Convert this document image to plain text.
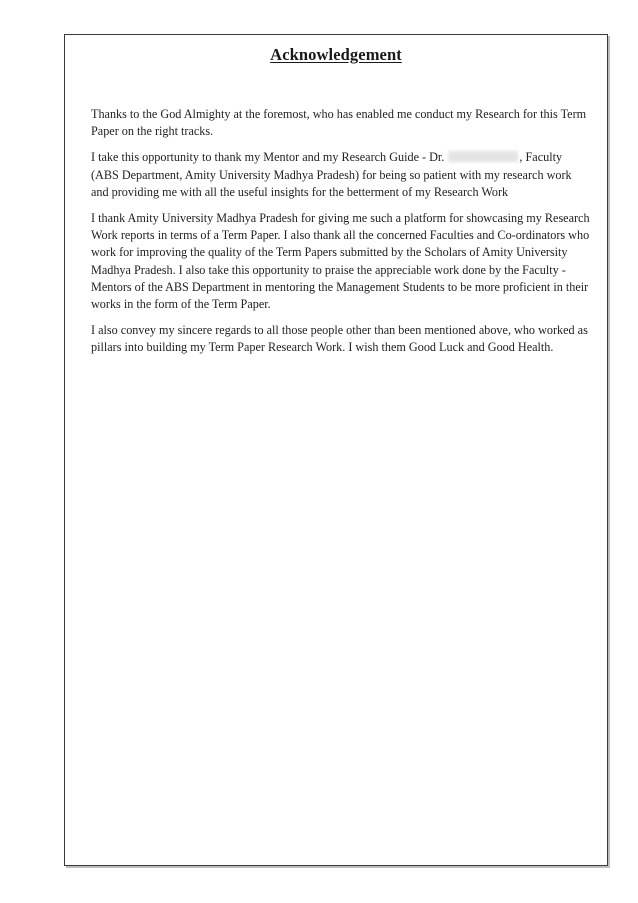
Acknowledgement

Thanks to the God Almighty at the foremost, who has enabled me conduct my Research for this Term Paper on the right tracks.

I take this opportunity to thank my Mentor and my Research Guide - Dr.	, Faculty (ABS Department, Amity University Madhya Pradesh) for being so patient with my research work and providing me with all the useful insights for the betterment of my Research Work

I thank Amity University Madhya Pradesh for giving me such a platform for showcasing my Research Work reports in terms of a Term Paper. I also thank all the concerned Faculties and Co-ordinators who work for improving the quality of the Term Papers submitted by the Scholars of Amity University Madhya Pradesh. I also take this opportunity to praise the appreciable work done by the Faculty - Mentors of the ABS Department in mentoring the Management Students to be more proficient in their works in the form of the Term Paper.

I also convey my sincere regards to all those people other than been mentioned above, who worked as pillars into building my Term Paper Research Work. I wish them Good Luck and Good Health.
